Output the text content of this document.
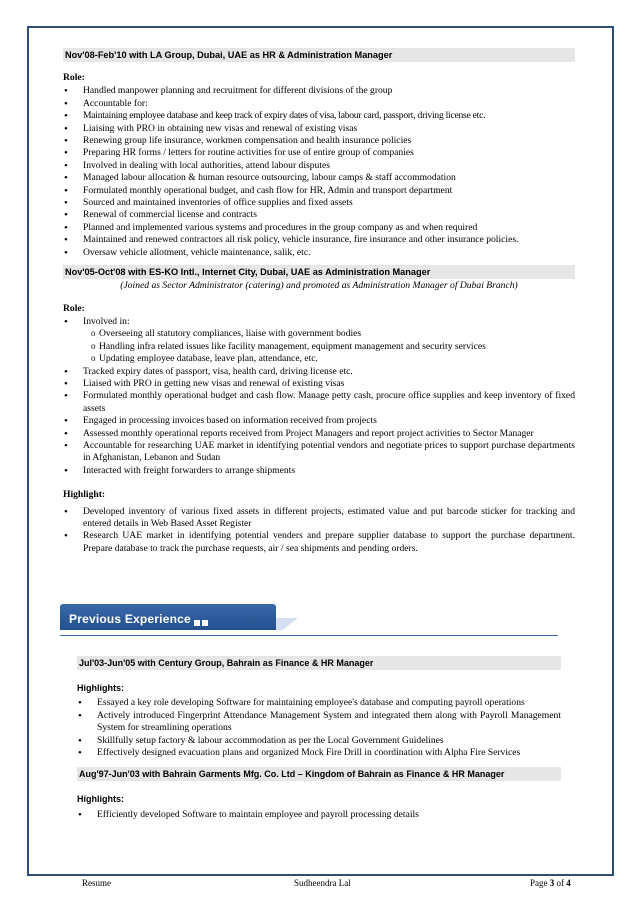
Nov'08-Feb'10 with LA Group, Dubai, UAE as HR & Administration Manager
Role:
• Handled manpower planning and recruitment for different divisions of the group
• Accountable for:
• Maintaining employee database and keep track of expiry dates of visa, labour card, passport, driving license etc.
• Liaising with PRO in obtaining new visas and renewal of existing visas
• Renewing group life insurance, workmen compensation and health insurance policies
• Preparing HR forms / letters for routine activities for use of entire group of companies
• Involved in dealing with local authorities, attend labour disputes
• Managed labour allocation & human resource outsourcing, labour camps & staff accommodation
• Formulated monthly operational budget, and cash flow for HR, Admin and transport department
• Sourced and maintained inventories of office supplies and fixed assets
• Renewal of commercial license and contracts
• Planned and implemented various systems and procedures in the group company as and when required
• Maintained and renewed contractors all risk policy, vehicle insurance, fire insurance and other insurance policies.
• Oversaw vehicle allotment, vehicle maintenance, salik, etc.
Nov'05-Oct'08 with ES-KO Intl., Internet City, Dubai, UAE as Administration Manager
(Joined as Sector Administrator (catering) and promoted as Administration Manager of Dubai Branch)
Role:
• Involved in:
o Overseeing all statutory compliances, liaise with government bodies
o Handling infra related issues like facility management, equipment management and security services
o Updating employee database, leave plan, attendance, etc.
• Tracked expiry dates of passport, visa, health card, driving license etc.
• Liaised with PRO in getting new visas and renewal of existing visas
• Formulated monthly operational budget and cash flow. Manage petty cash, procure office supplies and keep inventory of fixed assets
• Engaged in processing invoices based on information received from projects
• Assessed monthly operational reports received from Project Managers and report project activities to Sector Manager
• Accountable for researching UAE market in identifying potential vendors and negotiate prices to support purchase departments in Afghanistan, Lebanon and Sudan
• Interacted with freight forwarders to arrange shipments
Highlight:
• Developed inventory of various fixed assets in different projects, estimated value and put barcode sticker for tracking and entered details in Web Based Asset Register
• Research UAE market in identifying potential venders and prepare supplier database to support the purchase department. Prepare database to track the purchase requests, air / sea shipments and pending orders.
Previous Experience
Jul'03-Jun'05 with Century Group, Bahrain as Finance & HR Manager
Highlights:
• Essayed a key role developing Software for maintaining employee's database and computing payroll operations
• Actively introduced Fingerprint Attendance Management System and integrated them along with Payroll Management System for streamlining operations
• Skillfully setup factory & labour accommodation as per the Local Government Guidelines
• Effectively designed evacuation plans and organized Mock Fire Drill in coordination with Alpha Fire Services
Aug'97-Jun'03 with Bahrain Garments Mfg. Co. Ltd – Kingdom of Bahrain as Finance & HR Manager
Highlights:
• Efficiently developed Software to maintain employee and payroll processing details
Resume	Sudheendra Lal	Page 3 of 4
